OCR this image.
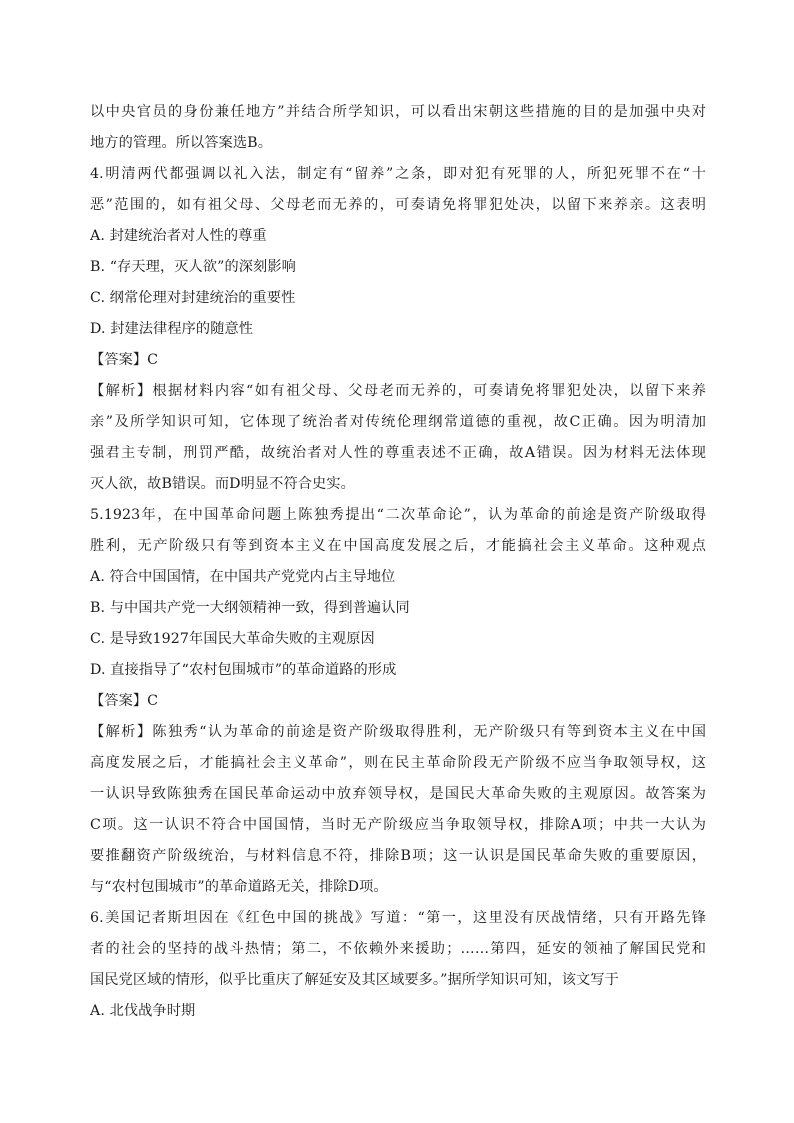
以中央官员的身份兼任地方”并结合所学知识，可以看出宋朝这些措施的目的是加强中央对
地方的管理。所以答案选B。
4.明清两代都强调以礼入法，制定有“留养”之条，即对犯有死罪的人，所犯死罪不在“十
恶”范围的，如有祖父母、父母老而无养的，可奏请免将罪犯处决，以留下来养亲。这表明
A. 封建统治者对人性的尊重
B. “存天理，灭人欲”的深刻影响
C. 纲常伦理对封建统治的重要性
D. 封建法律程序的随意性
【答案】C
【解析】根据材料内容“如有祖父母、父母老而无养的，可奏请免将罪犯处决，以留下来养
亲”及所学知识可知，它体现了统治者对传统伦理纲常道德的重视，故C正确。因为明清加
强君主专制，刑罚严酷，故统治者对人性的尊重表述不正确，故A错误。因为材料无法体现
灭人欲，故B错误。而D明显不符合史实。
5.1923年，在中国革命问题上陈独秀提出“二次革命论”，认为革命的前途是资产阶级取得
胜利，无产阶级只有等到资本主义在中国高度发展之后，才能搞社会主义革命。这种观点
A. 符合中国国情，在中国共产党党内占主导地位
B. 与中国共产党一大纲领精神一致，得到普遍认同
C. 是导致1927年国民大革命失败的主观原因
D. 直接指导了“农村包围城市”的革命道路的形成
【答案】C
【解析】陈独秀“认为革命的前途是资产阶级取得胜利，无产阶级只有等到资本主义在中国
高度发展之后，才能搞社会主义革命”，则在民主革命阶段无产阶级不应当争取领导权，这
一认识导致陈独秀在国民革命运动中放弃领导权，是国民大革命失败的主观原因。故答案为
C项。这一认识不符合中国国情，当时无产阶级应当争取领导权，排除A项；中共一大认为
要推翻资产阶级统治，与材料信息不符，排除B项；这一认识是国民革命失败的重要原因，
与“农村包围城市”的革命道路无关，排除D项。
6.美国记者斯坦因在《红色中国的挑战》写道：“第一，这里没有厌战情绪，只有开路先锋
者的社会的坚持的战斗热情；第二，不依赖外来援助；……第四，延安的领袖了解国民党和
国民党区域的情形，似乎比重庆了解延安及其区域要多。”据所学知识可知，该文写于
A. 北伐战争时期
